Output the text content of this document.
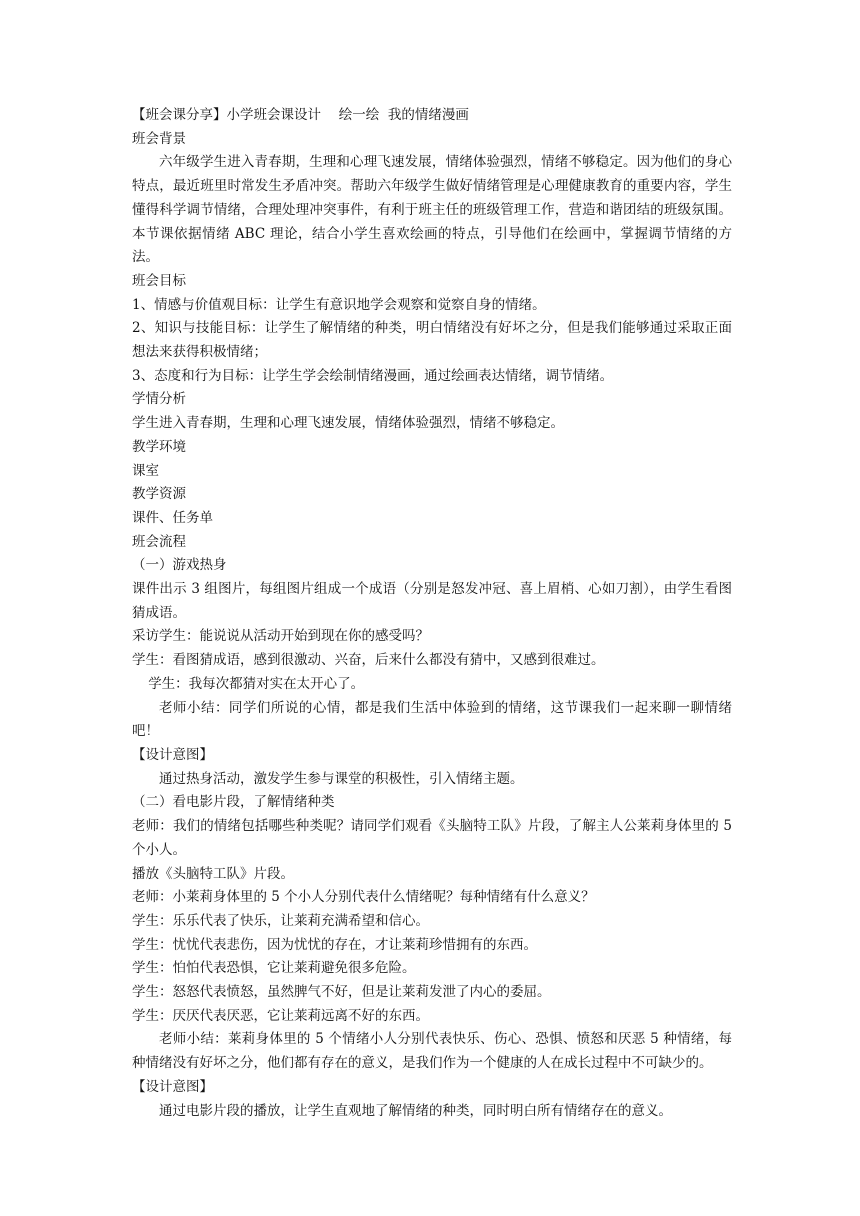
【班会课分享】小学班会课设计　 绘一绘  我的情绪漫画

班会背景

六年级学生进入青春期，生理和心理飞速发展，情绪体验强烈，情绪不够稳定。因为他们的身心特点，最近班里时常发生矛盾冲突。帮助六年级学生做好情绪管理是心理健康教育的重要内容，学生懂得科学调节情绪，合理处理冲突事件，有利于班主任的班级管理工作，营造和谐团结的班级氛围。本节课依据情绪 ABC 理论，结合小学生喜欢绘画的特点，引导他们在绘画中，掌握调节情绪的方法。

班会目标

1、情感与价值观目标：让学生有意识地学会观察和觉察自身的情绪。

2、知识与技能目标：让学生了解情绪的种类，明白情绪没有好坏之分，但是我们能够通过采取正面想法来获得积极情绪；

3、态度和行为目标：让学生学会绘制情绪漫画，通过绘画表达情绪，调节情绪。

学情分析

学生进入青春期，生理和心理飞速发展，情绪体验强烈，情绪不够稳定。

教学环境

课室

教学资源

课件、任务单

班会流程

（一）游戏热身

课件出示 3 组图片，每组图片组成一个成语（分别是怒发冲冠、喜上眉梢、心如刀割），由学生看图猜成语。

采访学生：能说说从活动开始到现在你的感受吗？

学生：看图猜成语，感到很激动、兴奋，后来什么都没有猜中，又感到很难过。

学生：我每次都猜对实在太开心了。

老师小结：同学们所说的心情，都是我们生活中体验到的情绪，这节课我们一起来聊一聊情绪吧！

【设计意图】

通过热身活动，激发学生参与课堂的积极性，引入情绪主题。

（二）看电影片段，了解情绪种类

老师：我们的情绪包括哪些种类呢？请同学们观看《头脑特工队》片段，了解主人公莱莉身体里的 5 个小人。

播放《头脑特工队》片段。

老师：小莱莉身体里的 5 个小人分别代表什么情绪呢？每种情绪有什么意义？

学生：乐乐代表了快乐，让莱莉充满希望和信心。

学生：忧忧代表悲伤，因为忧忧的存在，才让莱莉珍惜拥有的东西。

学生：怕怕代表恐惧，它让莱莉避免很多危险。

学生：怒怒代表愤怒，虽然脾气不好，但是让莱莉发泄了内心的委屈。

学生：厌厌代表厌恶，它让莱莉远离不好的东西。

老师小结：莱莉身体里的 5 个情绪小人分别代表快乐、伤心、恐惧、愤怒和厌恶 5 种情绪，每种情绪没有好坏之分，他们都有存在的意义，是我们作为一个健康的人在成长过程中不可缺少的。

【设计意图】

通过电影片段的播放，让学生直观地了解情绪的种类，同时明白所有情绪存在的意义。
